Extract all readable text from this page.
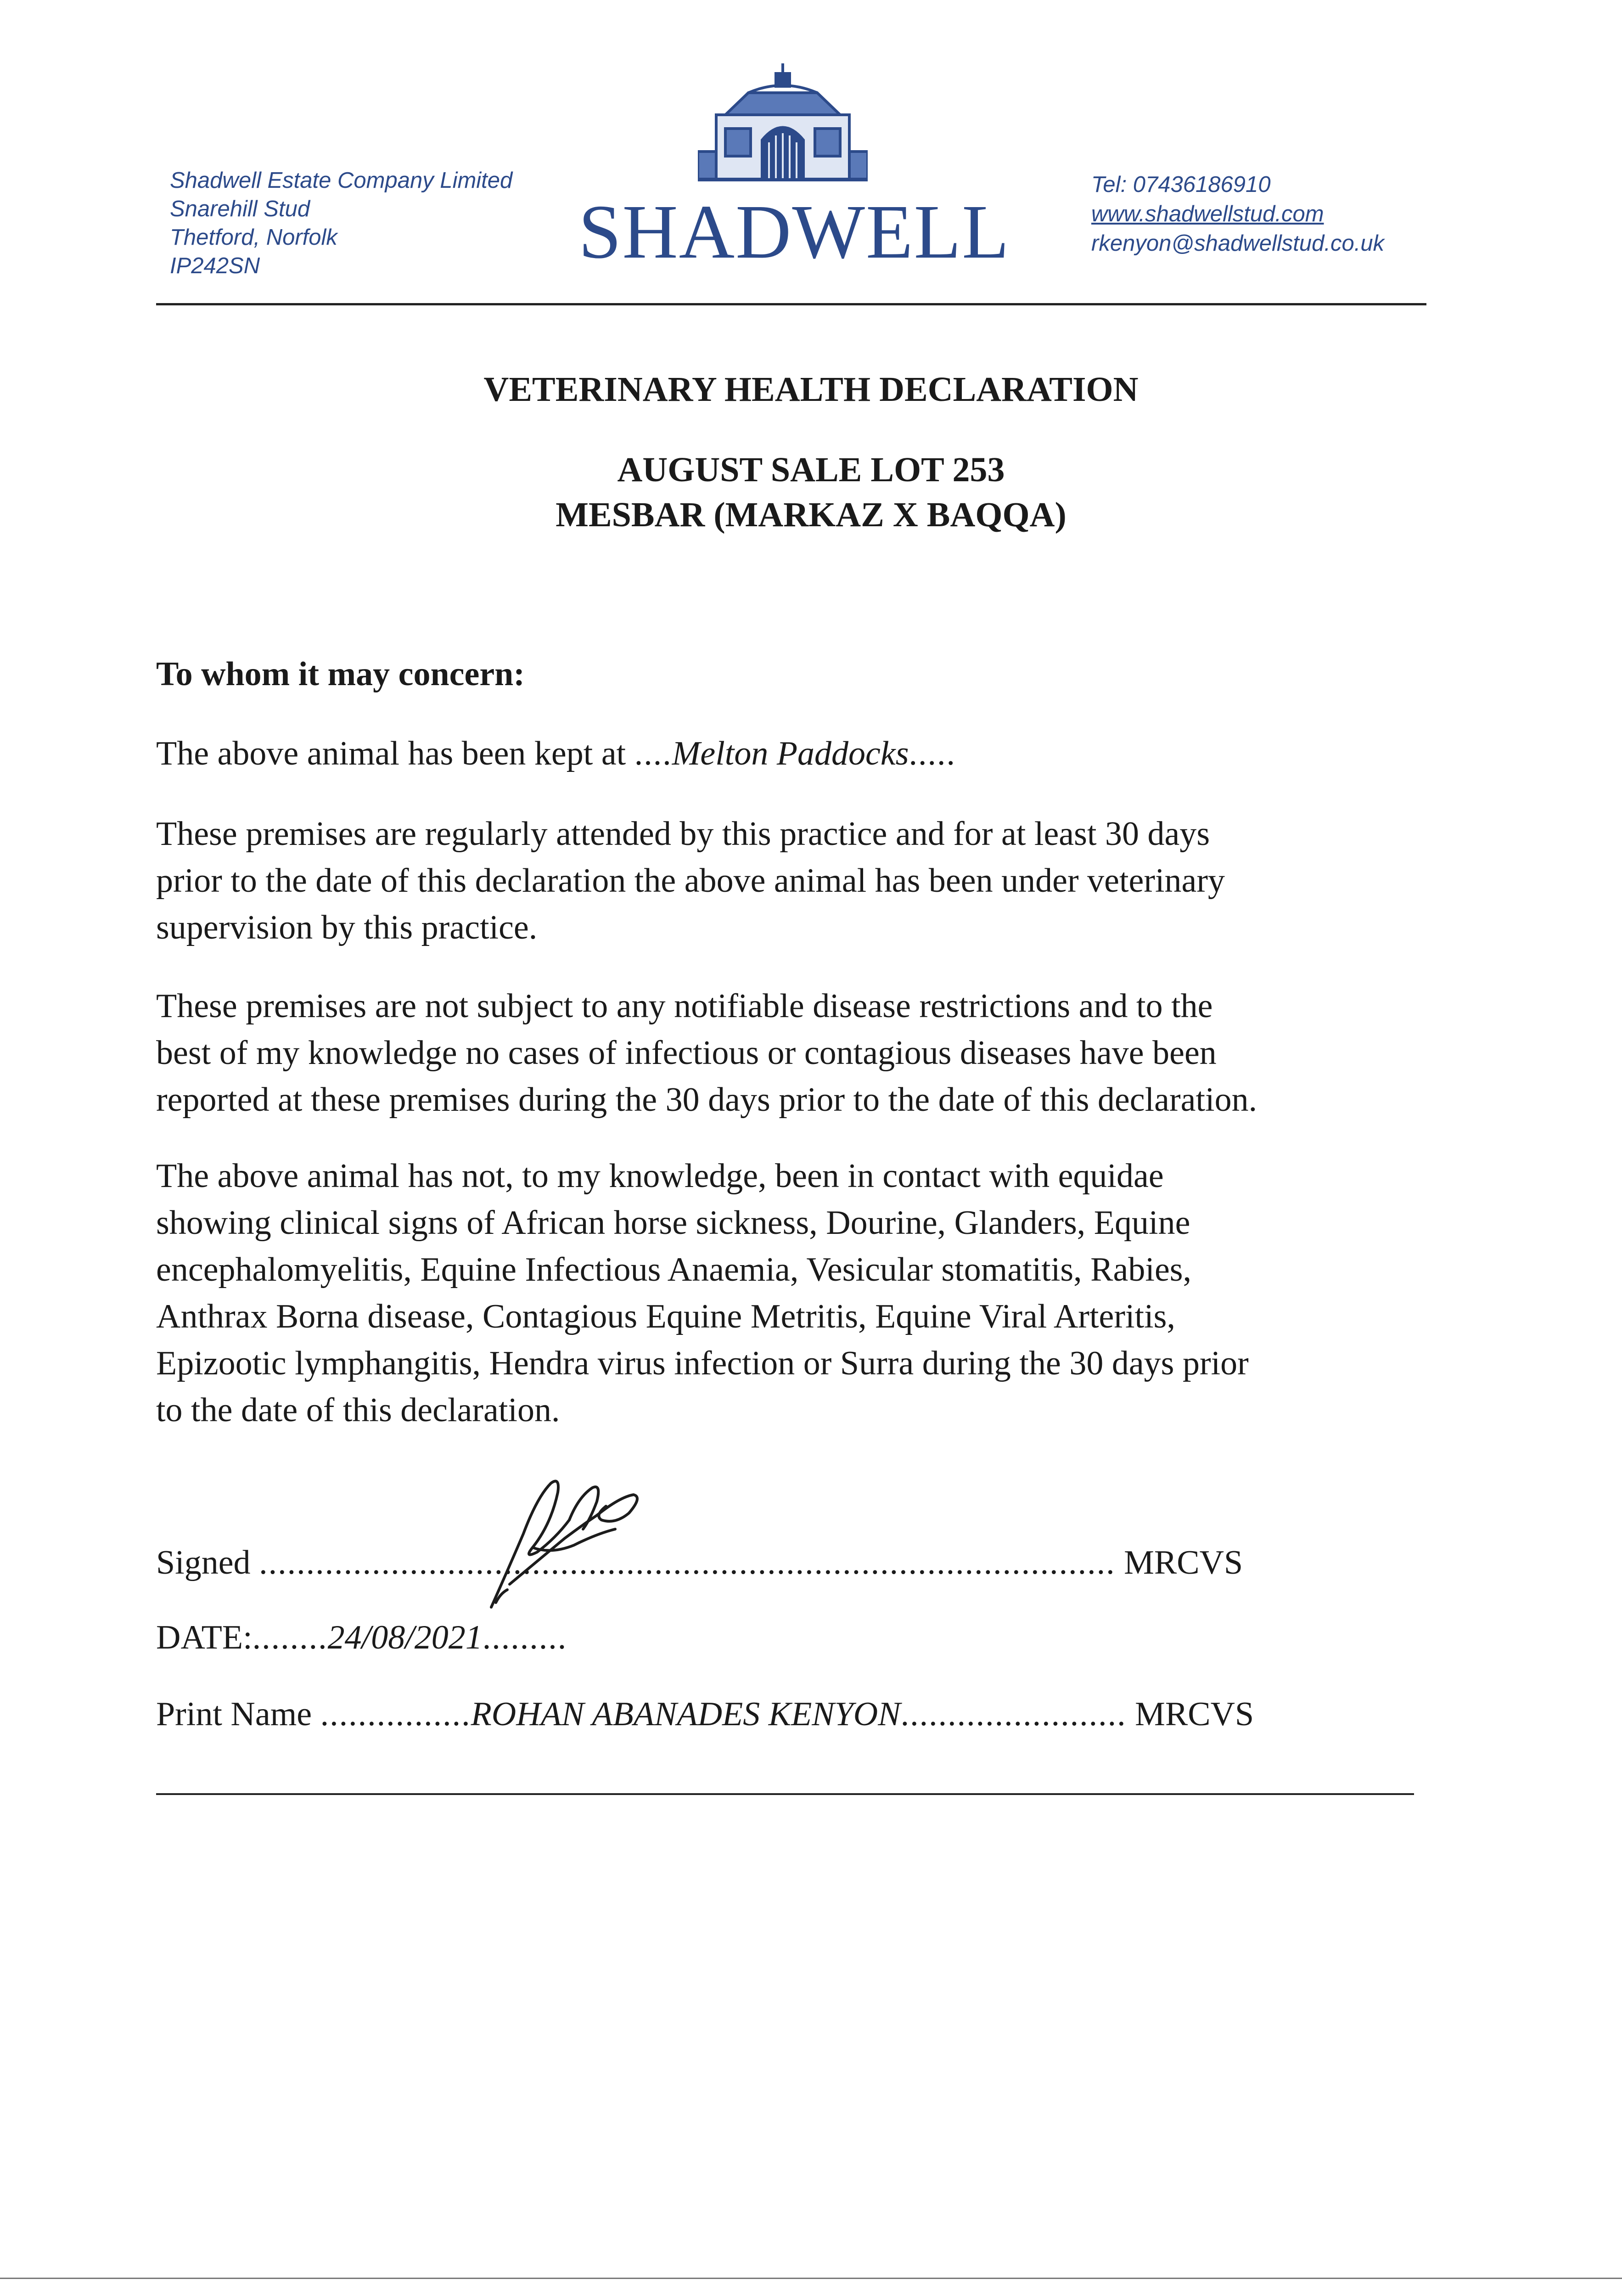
Shadwell Estate Company Limited
Snarehill Stud
Thetford, Norfolk
IP242SN	SHADWELL
Tel: 07436186910
www.shadwellstud.com
rkenyon@shadwellstud.co.uk
VETERINARY HEALTH DECLARATION
AUGUST SALE LOT 253
MESBAR (MARKAZ X BAQQA)
To whom it may concern:
The above animal has been kept at ....Melton Paddocks.....
These premises are regularly attended by this practice and for at least 30 days
prior to the date of this declaration the above animal has been under veterinary
supervision by this practice.
These premises are not subject to any notifiable disease restrictions and to the
best of my knowledge no cases of infectious or contagious diseases have been
reported at these premises during the 30 days prior to the date of this declaration.
The above animal has not, to my knowledge, been in contact with equidae
showing clinical signs of African horse sickness, Dourine, Glanders, Equine
encephalomyelitis, Equine Infectious Anaemia, Vesicular stomatitis, Rabies,
Anthrax Borna disease, Contagious Equine Metritis, Equine Viral Arteritis,
Epizootic lymphangitis, Hendra virus infection or Surra during the 30 days prior
to the date of this declaration.
Signed ........................................................................................... MRCVS
DATE:........24/08/2021.........
Print Name ................ROHAN ABANADES KENYON........................ MRCVS
